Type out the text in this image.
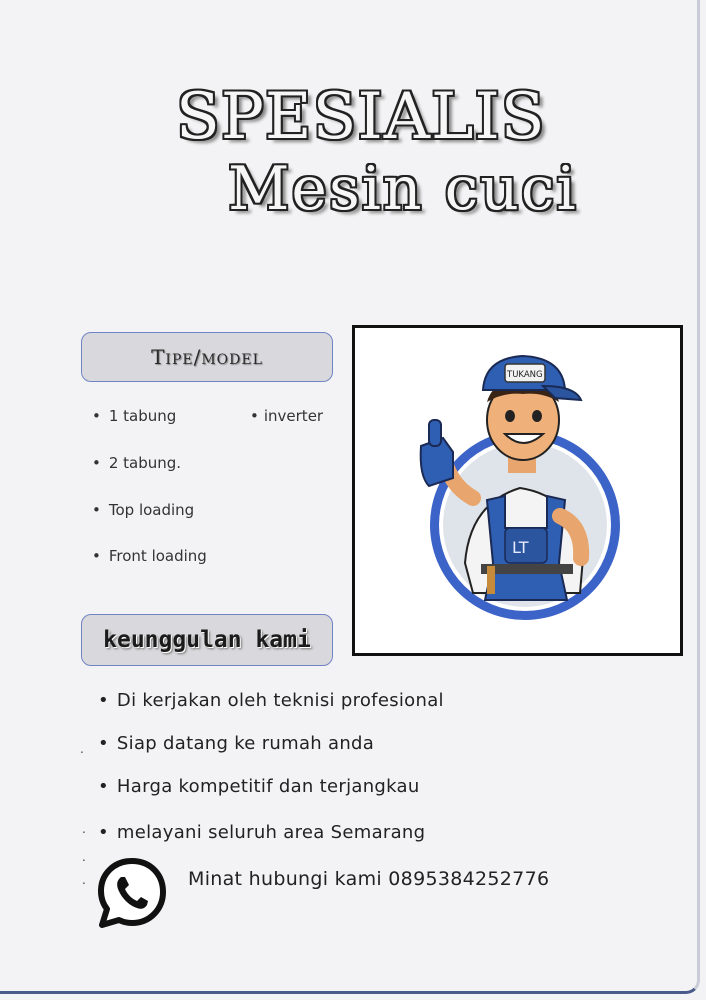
SPESIALIS
Mesin cuci
Tipe/model
• 1 tabung	• inverter
• 2 tabung.
• Top loading
• Front loading	LT
TUKANG
keunggulan kami
• Di kerjakan oleh teknisi profesional
• Siap datang ke rumah anda
• Harga kompetitif dan terjangkau
• melayani seluruh area Semarang
.
.
.
.	Minat hubungi kami 0895384252776
